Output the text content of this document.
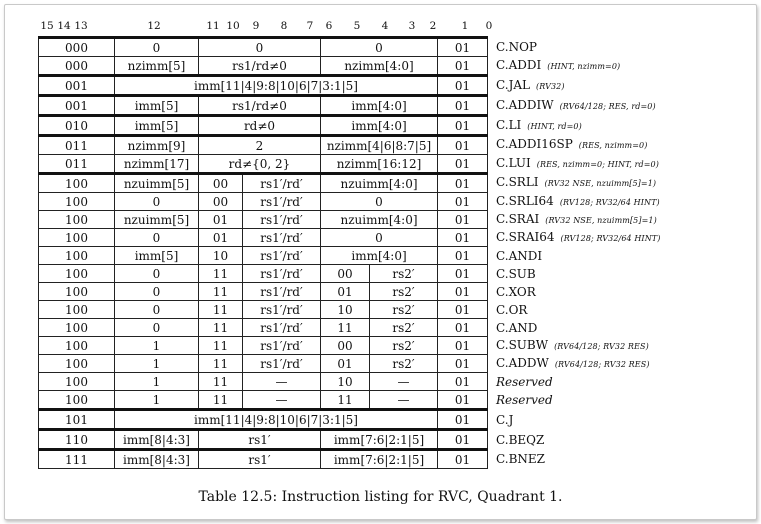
15 14 13	12	11 10 9 8 7 6 5 4 3 2 1 0
000	0	0		0		01	C.NOP
000	nzimm[5]	rs1/rd≠0		nzimm[4:0]		01	C.ADDI (HINT, nzimm=0)
001	imm[11|4|9:8|10|6|7|3:1|5]					01	C.JAL (RV32)
001	imm[5]	rs1/rd≠0		imm[4:0]		01	C.ADDIW (RV64/128; RES, rd=0)
010	imm[5]	rd≠0		imm[4:0]		01	C.LI (HINT, rd=0)
011	nzimm[9]	2		nzimm[4|6|8:7|5]		01	C.ADDI16SP (RES, nzimm=0)
011	nzimm[17]	rd≠{0, 2}		nzimm[16:12]		01	C.LUI (RES, nzimm=0; HINT, rd=0)
100	nzuimm[5]	00	rs1′/rd′	nzuimm[4:0]		01	C.SRLI (RV32 NSE, nzuimm[5]=1)
100	0	00	rs1′/rd′	0		01	C.SRLI64 (RV128; RV32/64 HINT)
100	nzuimm[5]	01	rs1′/rd′	nzuimm[4:0]		01	C.SRAI (RV32 NSE, nzuimm[5]=1)
100	0	01	rs1′/rd′	0		01	C.SRAI64 (RV128; RV32/64 HINT)
100	imm[5]	10	rs1′/rd′	imm[4:0]		01	C.ANDI
100	0	11	rs1′/rd′	00	rs2′	01	C.SUB
100	0	11	rs1′/rd′	01	rs2′	01	C.XOR
100	0	11	rs1′/rd′	10	rs2′	01	C.OR
100	0	11	rs1′/rd′	11	rs2′	01	C.AND
100	1	11	rs1′/rd′	00	rs2′	01	C.SUBW (RV64/128; RV32 RES)
100	1	11	rs1′/rd′	01	rs2′	01	C.ADDW (RV64/128; RV32 RES)
100	1	11	—	10	—	01	Reserved
100	1	11	—	11	—	01	Reserved
101	imm[11|4|9:8|10|6|7|3:1|5]					01	C.J
110	imm[8|4:3]	rs1′		imm[7:6|2:1|5]		01	C.BEQZ
111	imm[8|4:3]	rs1′		imm[7:6|2:1|5]		01	C.BNEZ
Table 12.5: Instruction listing for RVC, Quadrant 1.
